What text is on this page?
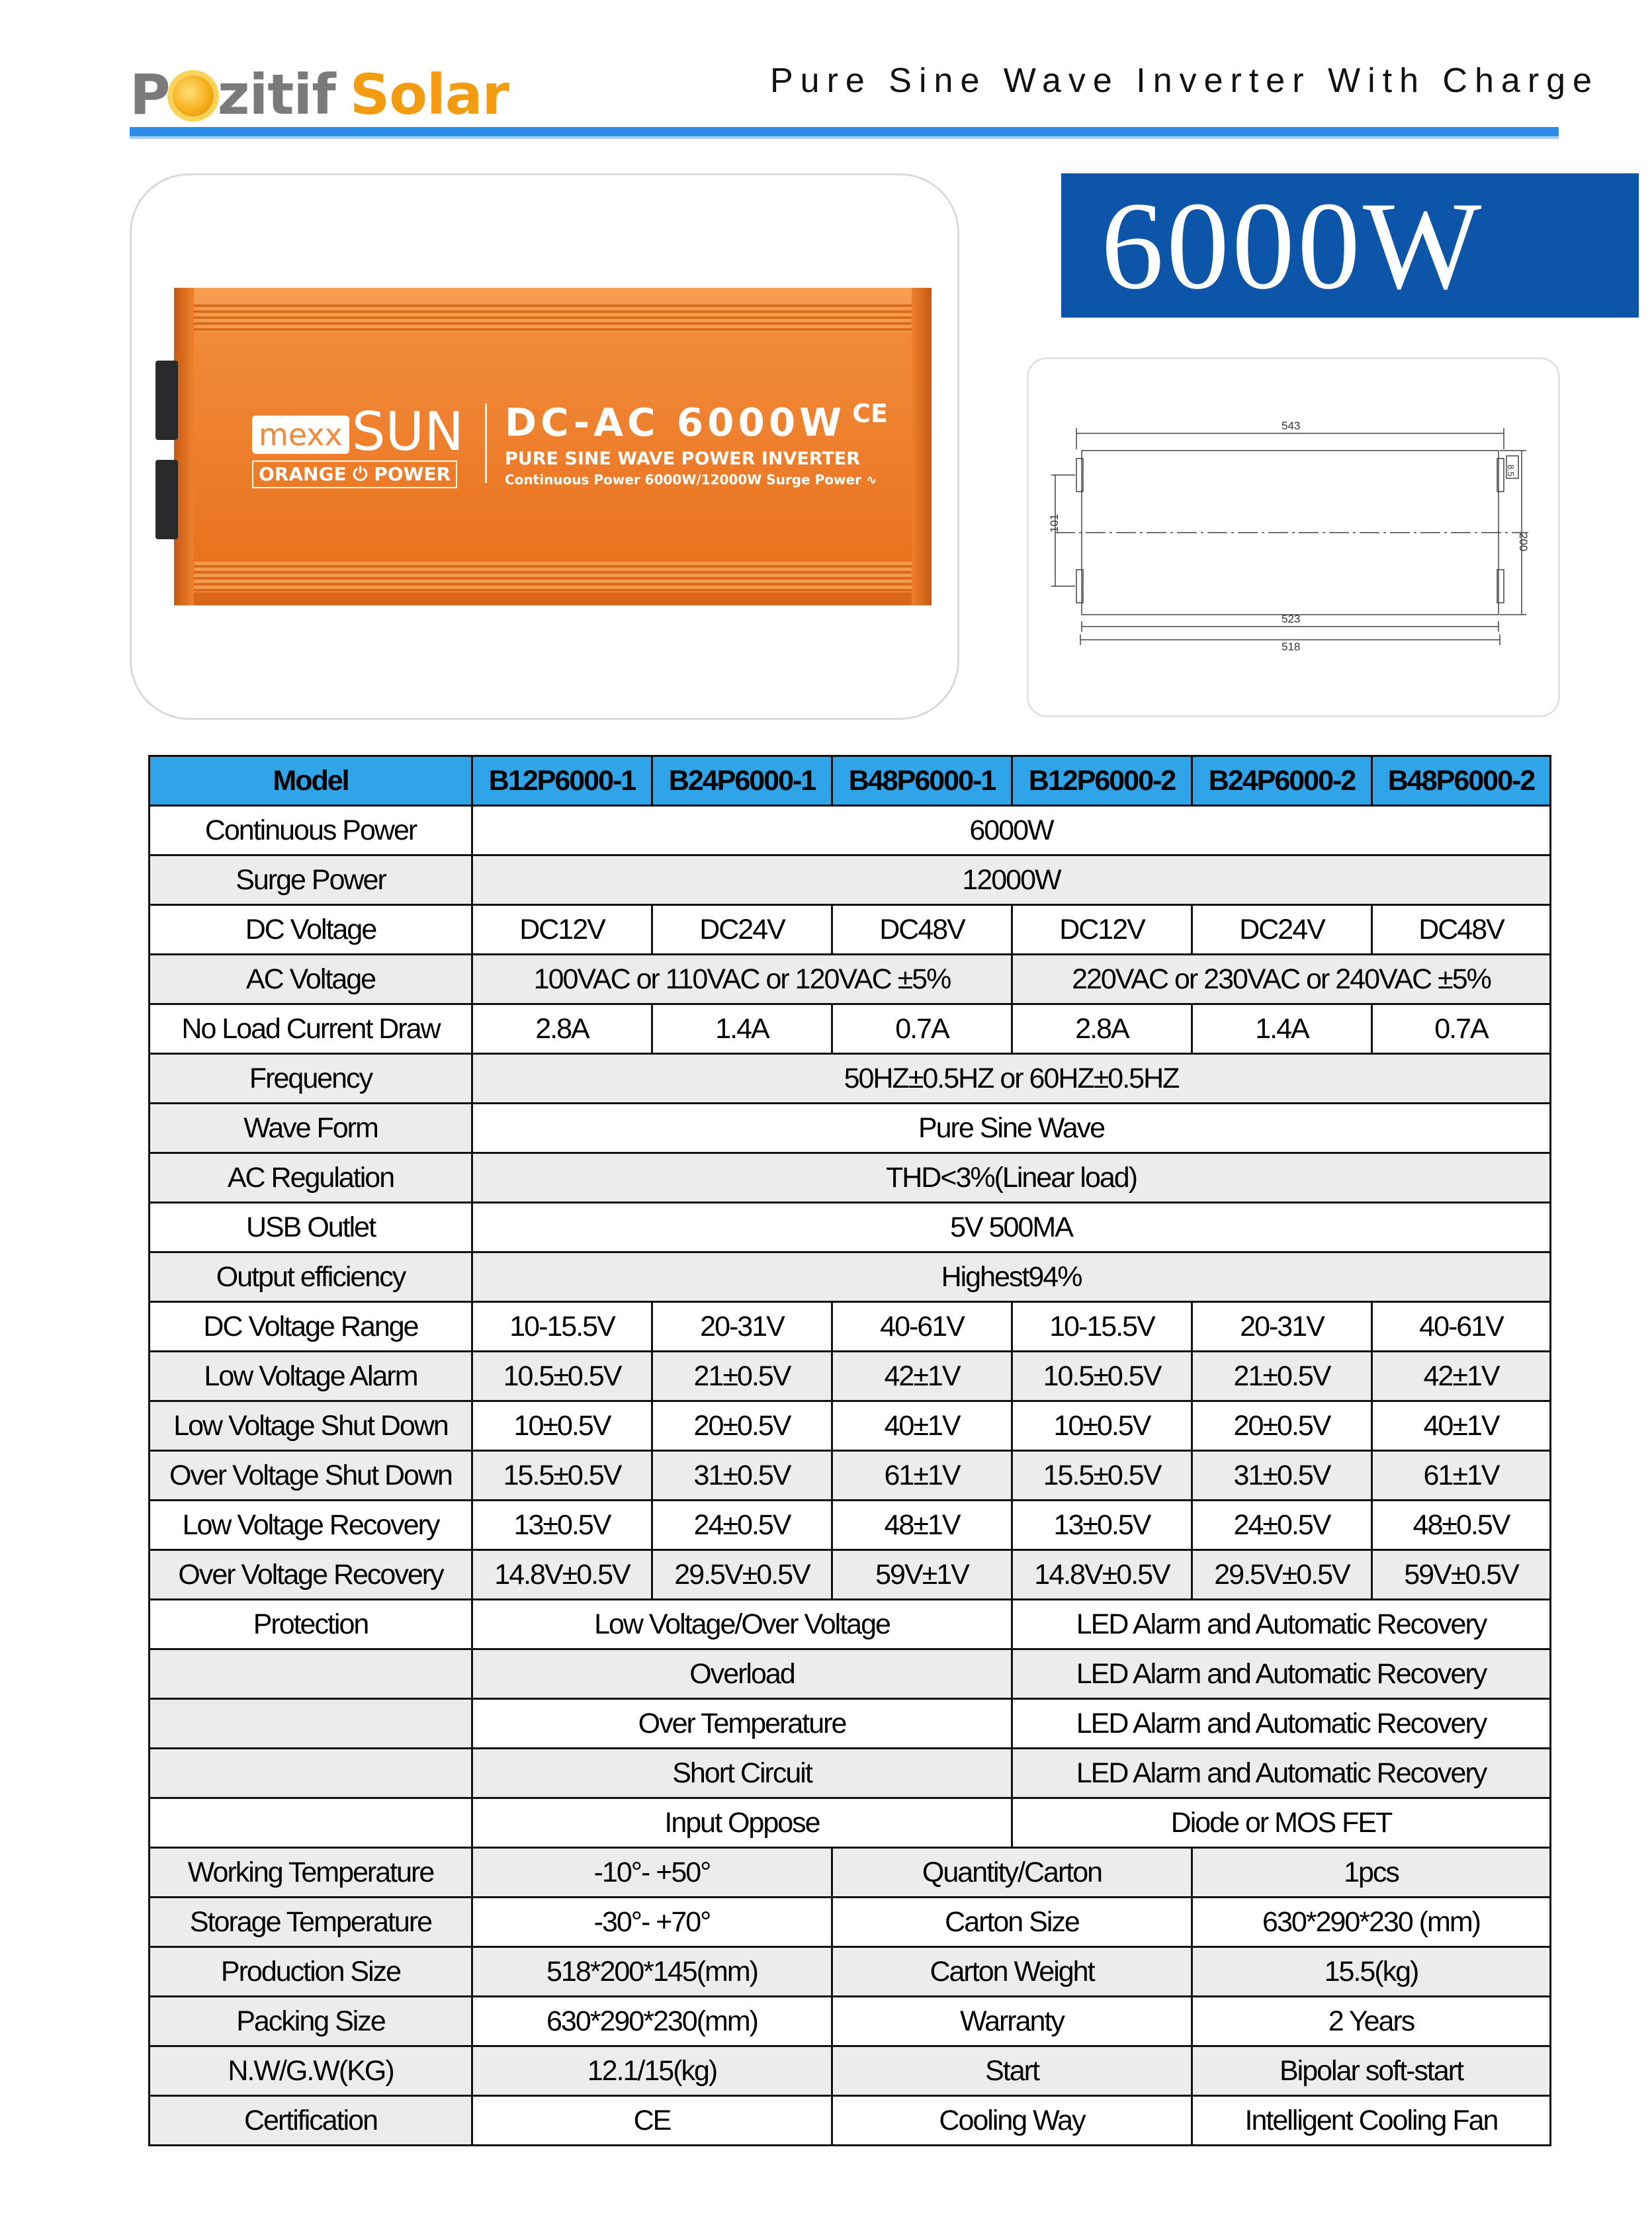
P zitif Solar	Pure Sine Wave Inverter With Charge
mexx SUN
ORANGE ⏻ POWER
DC-AC 6000W $^{CE}$
PURE SINE WAVE POWER INVERTER
Continuous Power 6000W/12000W Surge Power ∿
6000W
543
523
518
101
200
8.5
Model	B12P6000-1	B24P6000-1	B48P6000-1	B12P6000-2	B24P6000-2	B48P6000-2
Continuous Power	6000W					
Surge Power	12000W					
DC Voltage	DC12V	DC24V	DC48V	DC12V	DC24V	DC48V
AC Voltage	100VAC or 110VAC or 120VAC ±5%			220VAC or 230VAC or 240VAC ±5%		
No Load Current Draw	2.8A	1.4A	0.7A	2.8A	1.4A	0.7A
Frequency	50HZ±0.5HZ or 60HZ±0.5HZ					
Wave Form	Pure Sine Wave					
AC Regulation	THD<3%(Linear load)					
USB Outlet	5V 500MA					
Output efficiency	Highest94%					
DC Voltage Range	10-15.5V	20-31V	40-61V	10-15.5V	20-31V	40-61V
Low Voltage Alarm	10.5±0.5V	21±0.5V	42±1V	10.5±0.5V	21±0.5V	42±1V
Low Voltage Shut Down	10±0.5V	20±0.5V	40±1V	10±0.5V	20±0.5V	40±1V
Over Voltage Shut Down	15.5±0.5V	31±0.5V	61±1V	15.5±0.5V	31±0.5V	61±1V
Low Voltage Recovery	13±0.5V	24±0.5V	48±1V	13±0.5V	24±0.5V	48±0.5V
Over Voltage Recovery	14.8V±0.5V	29.5V±0.5V	59V±1V	14.8V±0.5V	29.5V±0.5V	59V±0.5V
Protection	Low Voltage/Over Voltage			LED Alarm and Automatic Recovery		
	Overload			LED Alarm and Automatic Recovery		
	Over Temperature			LED Alarm and Automatic Recovery		
	Short Circuit			LED Alarm and Automatic Recovery		
	Input Oppose			Diode or MOS FET		
Working Temperature	-10°- +50°		Quantity/Carton		1pcs	
Storage Temperature	-30°- +70°		Carton Size		630*290*230 (mm)	
Production Size	518*200*145(mm)		Carton Weight		15.5(kg)	
Packing Size	630*290*230(mm)		Warranty		2 Years	
N.W/G.W(KG)	12.1/15(kg)		Start		Bipolar soft-start	
Certification	CE		Cooling Way		Intelligent Cooling Fan	
